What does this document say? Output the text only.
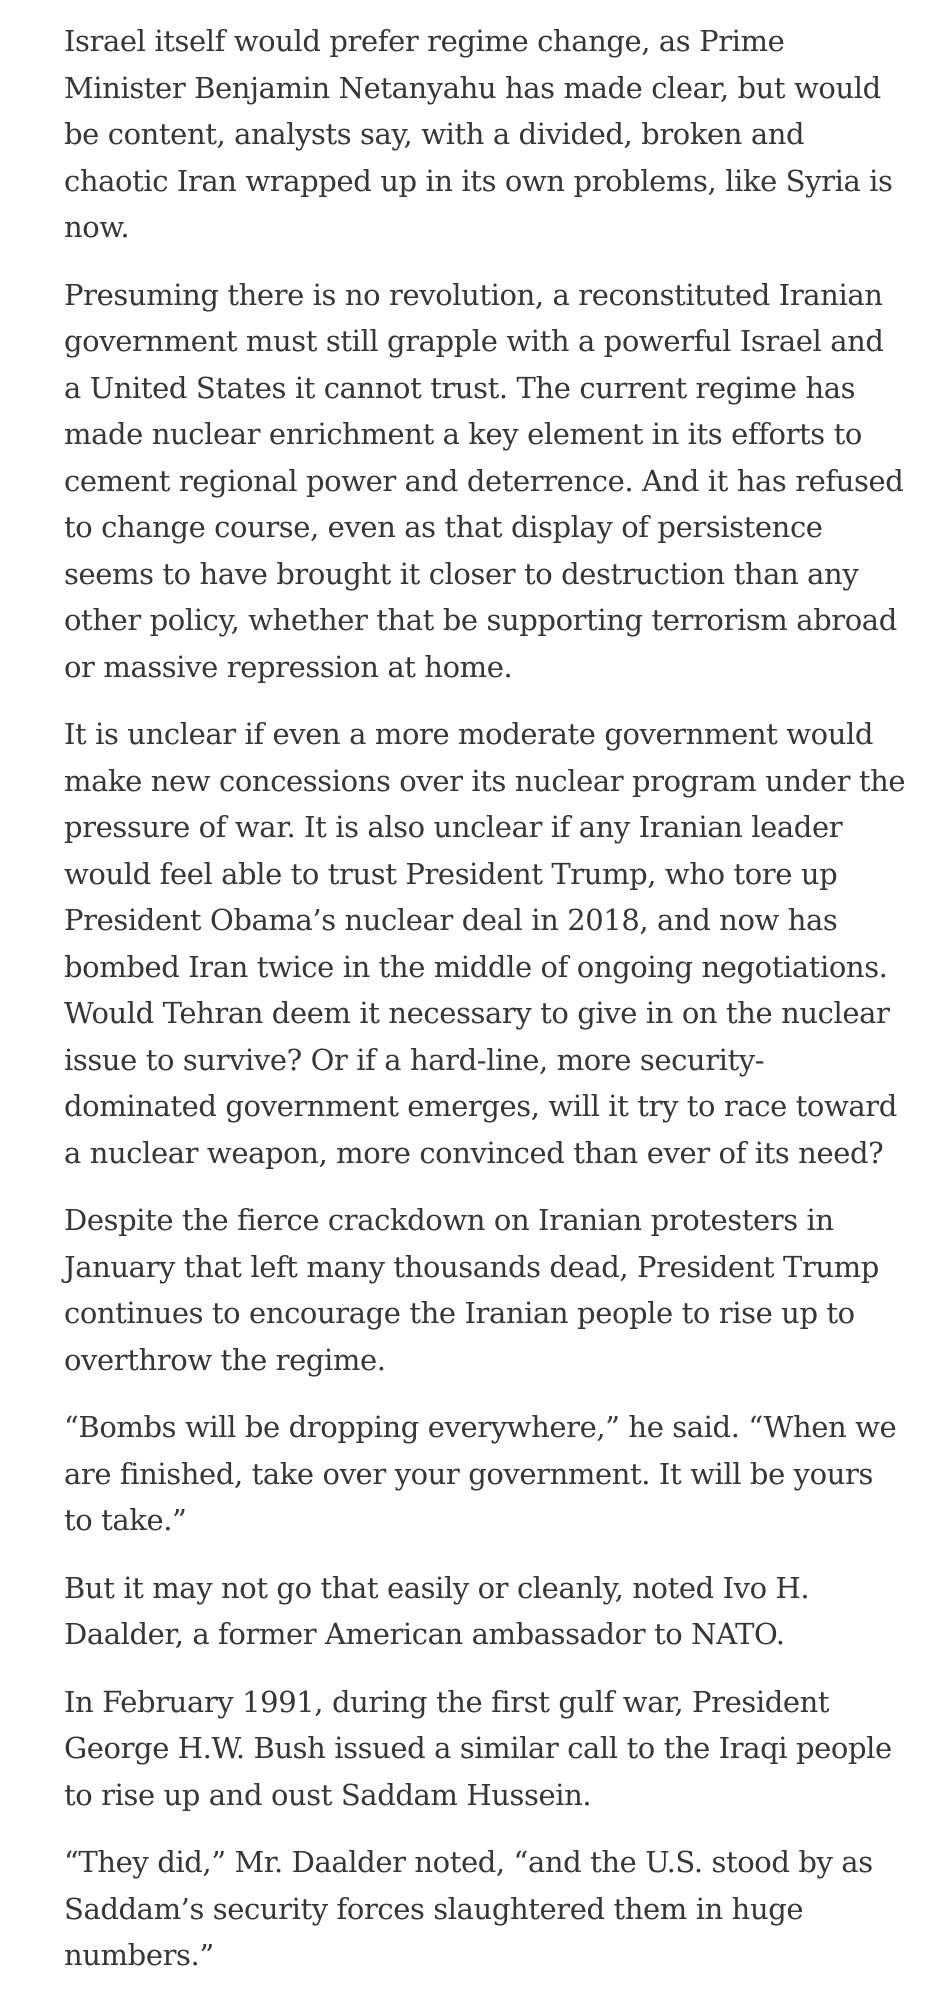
Israel itself would prefer regime change, as Prime Minister Benjamin Netanyahu has made clear, but would be content, analysts say, with a divided, broken and chaotic Iran wrapped up in its own problems, like Syria is now.

Presuming there is no revolution, a reconstituted Iranian government must still grapple with a powerful Israel and a United States it cannot trust. The current regime has made nuclear enrichment a key element in its efforts to cement regional power and deterrence. And it has refused to change course, even as that display of persistence seems to have brought it closer to destruction than any other policy, whether that be supporting terrorism abroad or massive repression at home.

It is unclear if even a more moderate government would make new concessions over its nuclear program under the pressure of war. It is also unclear if any Iranian leader would feel able to trust President Trump, who tore up President Obama’s nuclear deal in 2018, and now has bombed Iran twice in the middle of ongoing negotiations. Would Tehran deem it necessary to give in on the nuclear issue to survive? Or if a hard-line, more security-dominated government emerges, will it try to race toward a nuclear weapon, more convinced than ever of its need?

Despite the fierce crackdown on Iranian protesters in January that left many thousands dead, President Trump continues to encourage the Iranian people to rise up to overthrow the regime.

“Bombs will be dropping everywhere,” he said. “When we are finished, take over your government. It will be yours to take.”

But it may not go that easily or cleanly, noted Ivo H. Daalder, a former American ambassador to NATO.

In February 1991, during the first gulf war, President George H.W. Bush issued a similar call to the Iraqi people to rise up and oust Saddam Hussein.

“They did,” Mr. Daalder noted, “and the U.S. stood by as Saddam’s security forces slaughtered them in huge numbers.”
